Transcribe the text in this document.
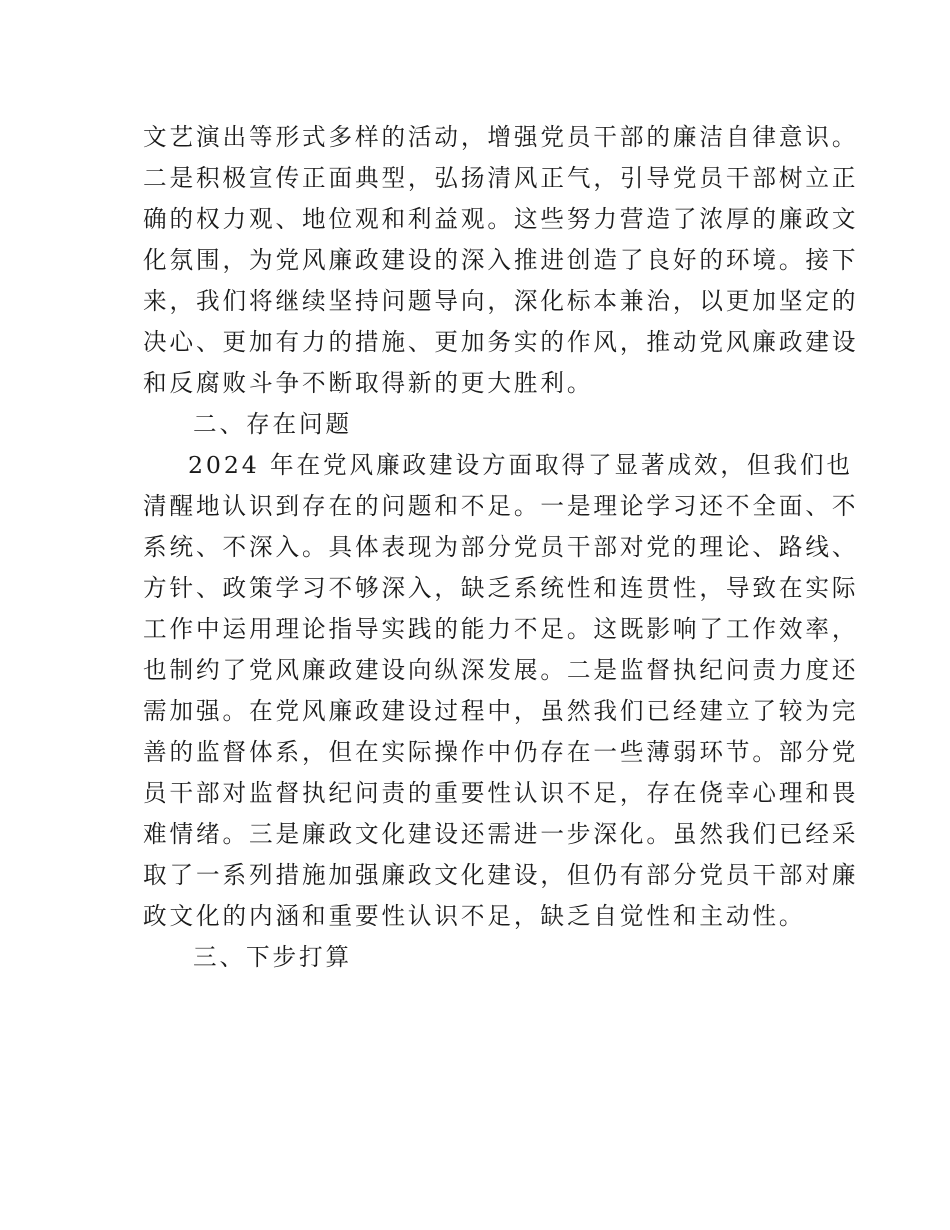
文艺演出等形式多样的活动，增强党员干部的廉洁自律意识。
二是积极宣传正面典型，弘扬清风正气，引导党员干部树立正
确的权力观、地位观和利益观。这些努力营造了浓厚的廉政文
化氛围，为党风廉政建设的深入推进创造了良好的环境。接下
来，我们将继续坚持问题导向，深化标本兼治，以更加坚定的
决心、更加有力的措施、更加务实的作风，推动党风廉政建设
和反腐败斗争不断取得新的更大胜利。
二、存在问题
2024 年在党风廉政建设方面取得了显著成效，但我们也
清醒地认识到存在的问题和不足。一是理论学习还不全面、不
系统、不深入。具体表现为部分党员干部对党的理论、路线、
方针、政策学习不够深入，缺乏系统性和连贯性，导致在实际
工作中运用理论指导实践的能力不足。这既影响了工作效率，
也制约了党风廉政建设向纵深发展。二是监督执纪问责力度还
需加强。在党风廉政建设过程中，虽然我们已经建立了较为完
善的监督体系，但在实际操作中仍存在一些薄弱环节。部分党
员干部对监督执纪问责的重要性认识不足，存在侥幸心理和畏
难情绪。三是廉政文化建设还需进一步深化。虽然我们已经采
取了一系列措施加强廉政文化建设，但仍有部分党员干部对廉
政文化的内涵和重要性认识不足，缺乏自觉性和主动性。
三、下步打算
